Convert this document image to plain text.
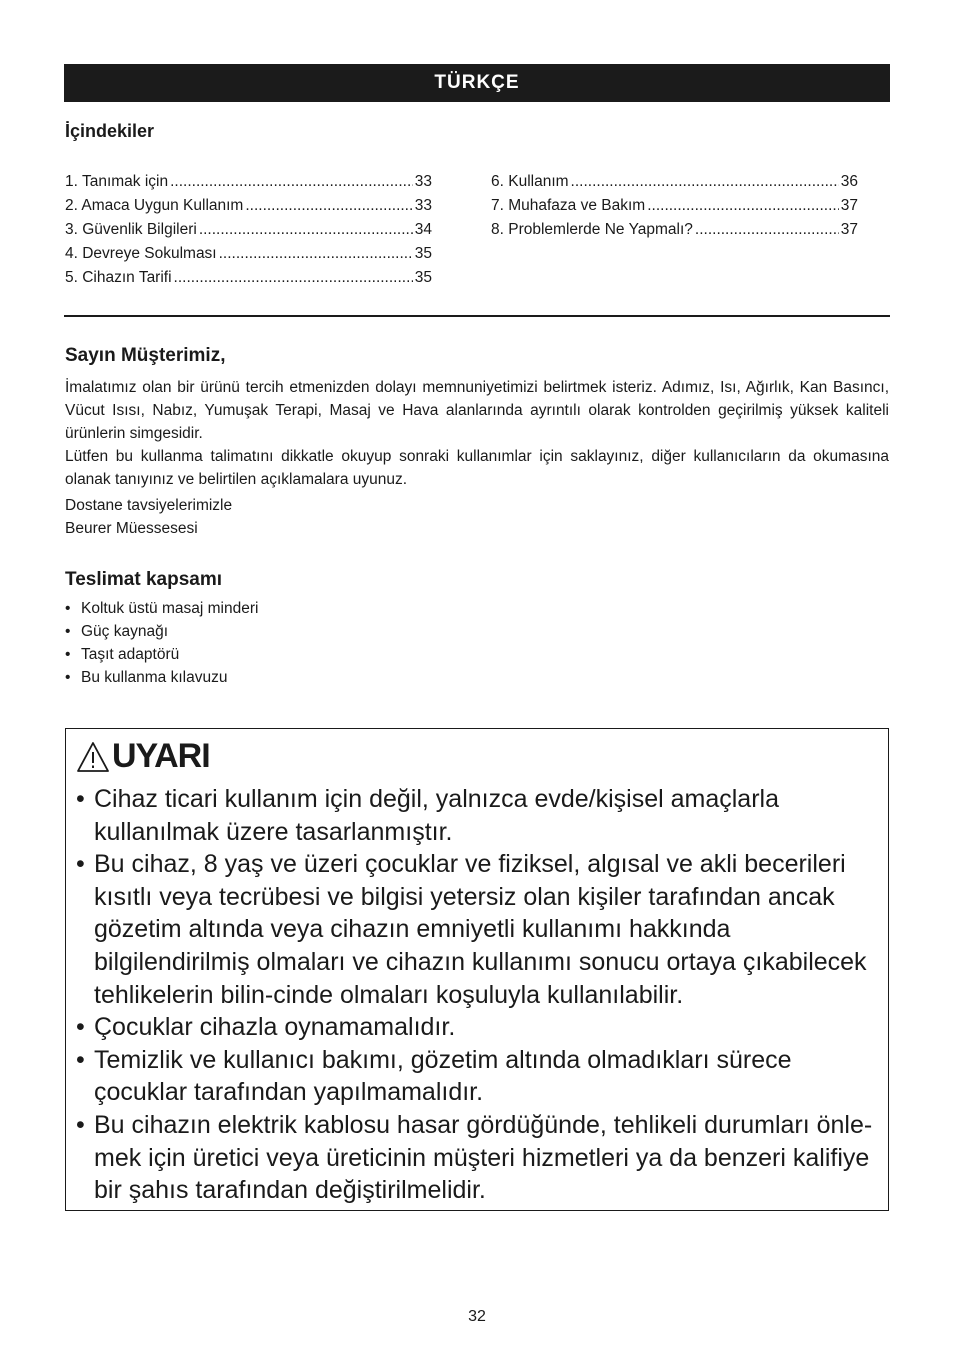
TÜRKÇE
İçindekiler
1. Tanımak için .....	33
2. Amaca Uygun Kullanım .....	33
3. Güvenlik Bilgileri .....	34
4. Devreye Sokulması .....	35
5. Cihazın Tarifi .....	35
6. Kullanım .....	36
7. Muhafaza ve Bakım .....	37
8. Problemlerde Ne Yapmalı? .....	37
Sayın Müşterimiz,

İmalatımız olan bir ürünü tercih etmenizden dolayı memnuniyetimizi belirtmek isteriz. Adımız, Isı, Ağırlık, Kan Basıncı, Vücut Isısı, Nabız, Yumuşak Terapi, Masaj ve Hava alanlarında ayrıntılı olarak kontrolden geçirilmiş yüksek kaliteli ürünlerin simgesidir.

Lütfen bu kullanma talimatını dikkatle okuyup sonraki kullanımlar için saklayınız, diğer kullanıcıların da okumasına olanak tanıyınız ve belirtilen açıklamalara uyunuz.

Dostane tavsiyelerimizle

Beurer Müessesesi

Teslimat kapsamı
• Koltuk üstü masaj minderi
• Güç kaynağı
• Taşıt adaptörü
• Bu kullanma kılavuzu
UYARI
• Cihaz ticari kullanım için değil, yalnızca evde/kişisel amaçlarla kullanılmak üzere tasarlanmıştır.
• Bu cihaz, 8 yaş ve üzeri çocuklar ve fiziksel, algısal ve akli becerileri kısıtlı veya tecrübesi ve bilgisi yetersiz olan kişiler tarafından ancak gözetim altında veya cihazın emniyetli kullanımı hakkında bilgilendirilmiş olmaları ve cihazın kullanımı sonucu ortaya çıkabilecek tehlikelerin bilin-cinde olmaları koşuluyla kullanılabilir.
• Çocuklar cihazla oynamamalıdır.
• Temizlik ve kullanıcı bakımı, gözetim altında olmadıkları sürece çocuklar tarafından yapılmamalıdır.
• Bu cihazın elektrik kablosu hasar gördüğünde, tehlikeli durumları önle-mek için üretici veya üreticinin müşteri hizmetleri ya da benzeri kalifiye bir şahıs tarafından değiştirilmelidir.
32
